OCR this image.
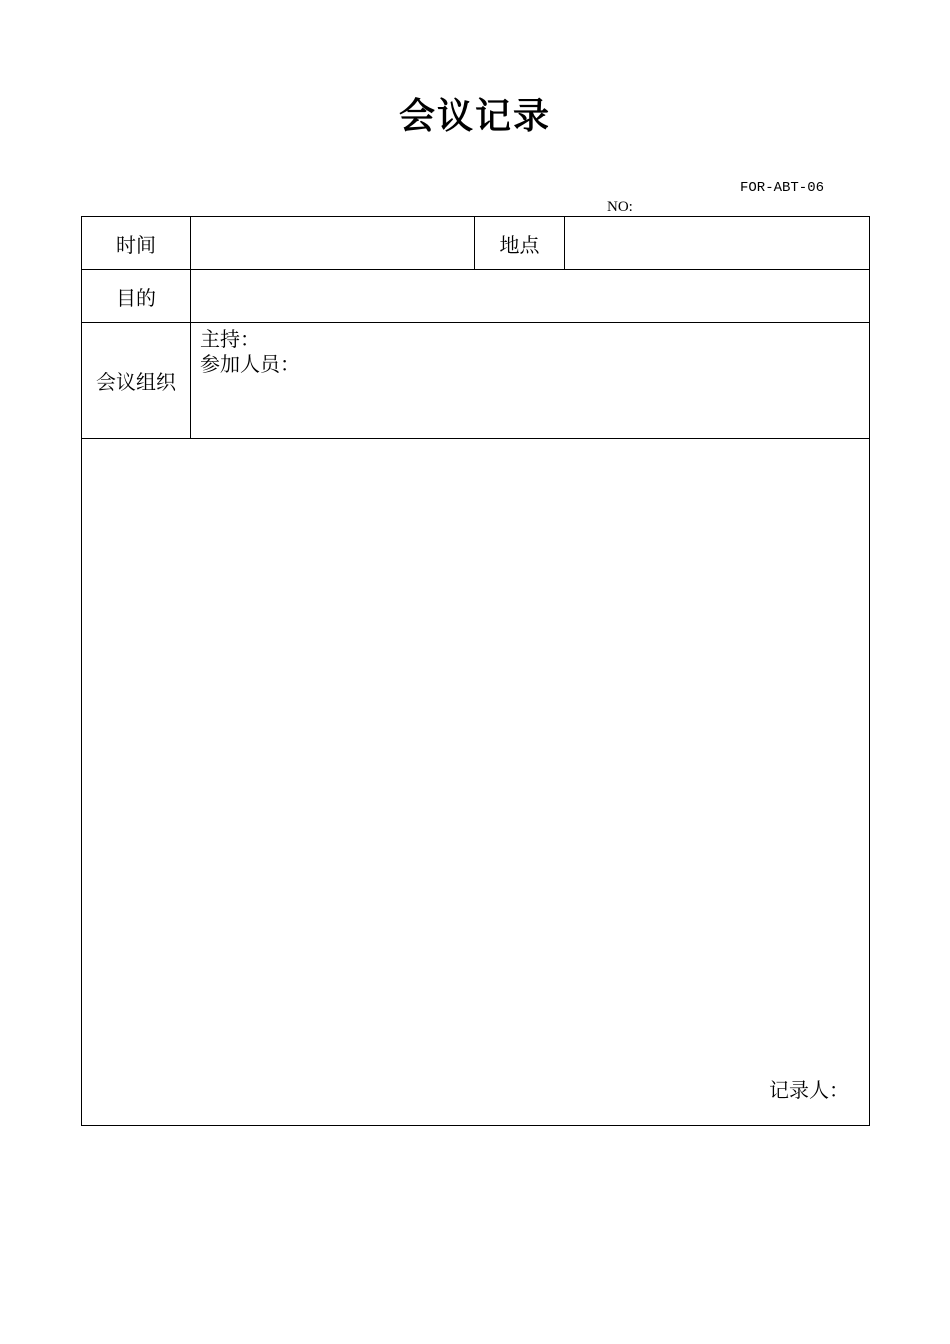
会议记录
FOR-ABT-06
NO:
时间		地点	
目的			
会议组织	主持：
参加人员：		

记录人：			
